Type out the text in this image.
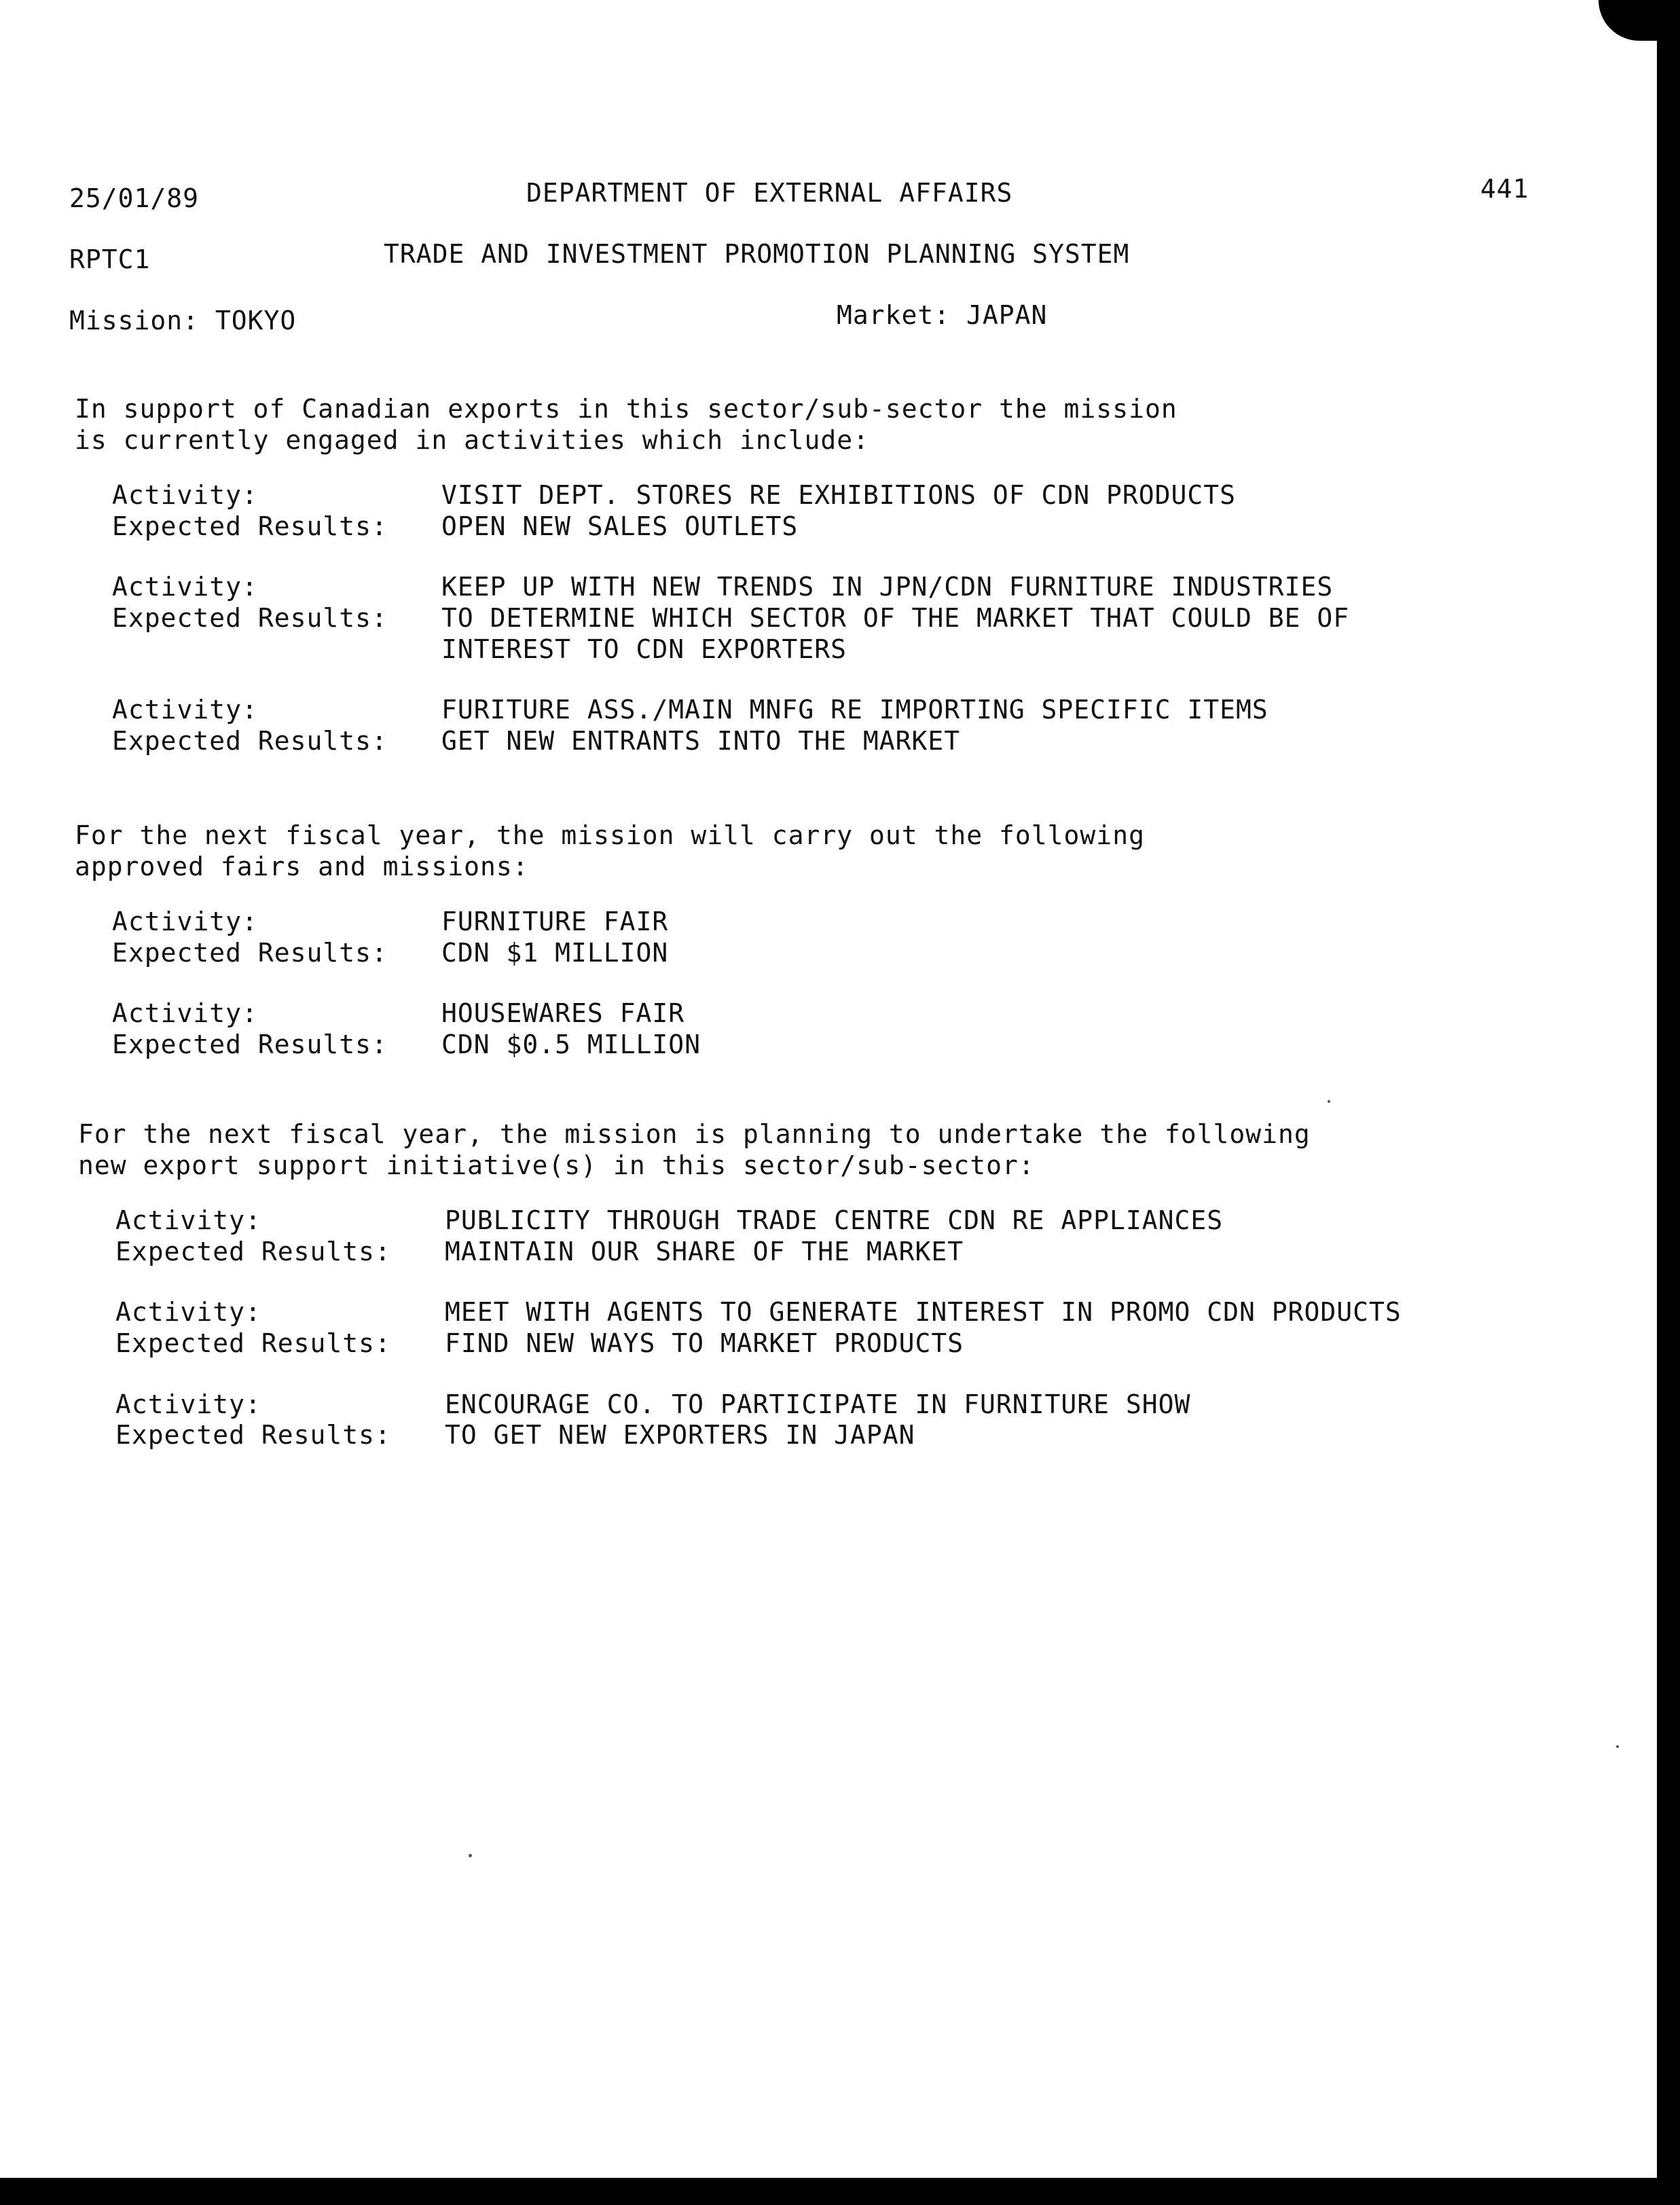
25/01/89	DEPARTMENT OF EXTERNAL AFFAIRS	441
RPTC1	TRADE AND INVESTMENT PROMOTION PLANNING SYSTEM
Mission: TOKYO	Market: JAPAN

In support of Canadian exports in this sector/sub-sector the mission

is currently engaged in activities which include:

Activity:	VISIT DEPT. STORES RE EXHIBITIONS OF CDN PRODUCTS
Expected Results:	OPEN NEW SALES OUTLETS
Activity:	KEEP UP WITH NEW TRENDS IN JPN/CDN FURNITURE INDUSTRIES
Expected Results:	TO DETERMINE WHICH SECTOR OF THE MARKET THAT COULD BE OF
INTEREST TO CDN EXPORTERS
Activity:	FURITURE ASS./MAIN MNFG RE IMPORTING SPECIFIC ITEMS
Expected Results:	GET NEW ENTRANTS INTO THE MARKET

For the next fiscal year, the mission will carry out the following

approved fairs and missions:

Activity:	FURNITURE FAIR
Expected Results:	CDN $1 MILLION
Activity:	HOUSEWARES FAIR
Expected Results:	CDN $0.5 MILLION

For the next fiscal year, the mission is planning to undertake the following

new export support initiative(s) in this sector/sub-sector:

Activity:	PUBLICITY THROUGH TRADE CENTRE CDN RE APPLIANCES
Expected Results:	MAINTAIN OUR SHARE OF THE MARKET
Activity:	MEET WITH AGENTS TO GENERATE INTEREST IN PROMO CDN PRODUCTS
Expected Results:	FIND NEW WAYS TO MARKET PRODUCTS
Activity:	ENCOURAGE CO. TO PARTICIPATE IN FURNITURE SHOW
Expected Results:	TO GET NEW EXPORTERS IN JAPAN
